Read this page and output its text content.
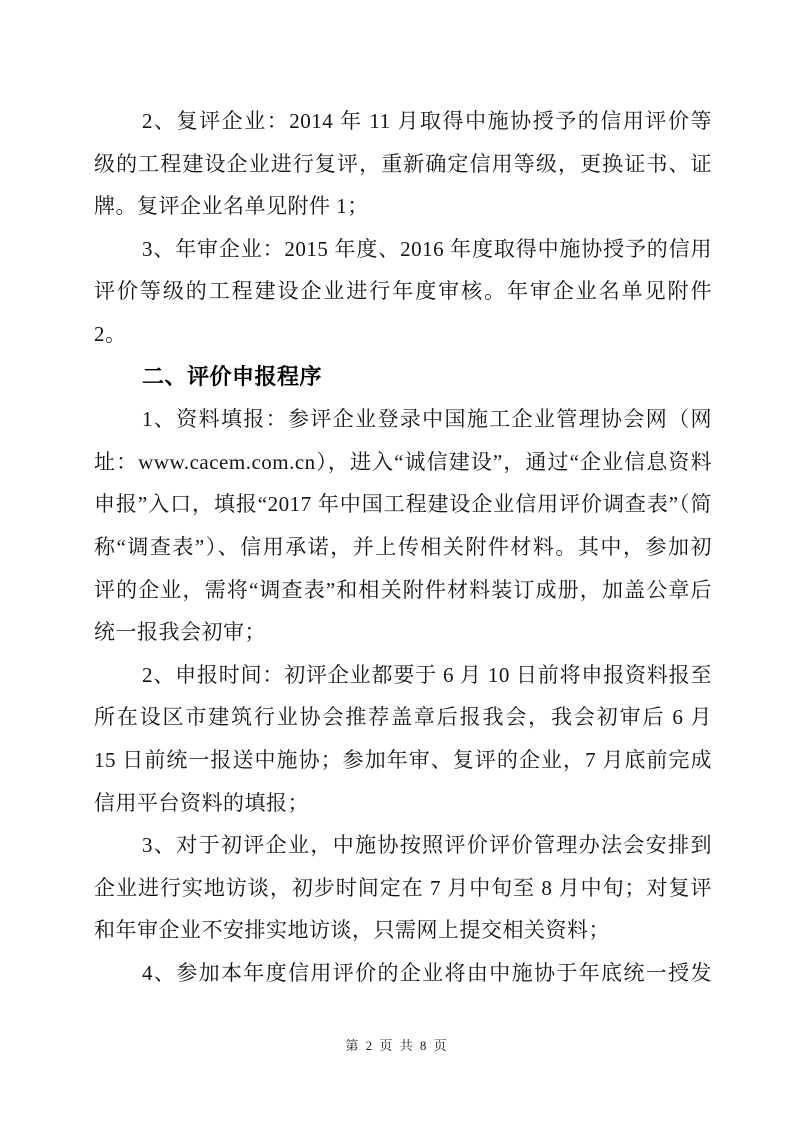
2、复评企业：2014 年 11 月取得中施协授予的信用评价等
级的工程建设企业进行复评，重新确定信用等级，更换证书、证
牌。复评企业名单见附件 1；
3、年审企业：2015 年度、2016 年度取得中施协授予的信用
评价等级的工程建设企业进行年度审核。年审企业名单见附件
2。
二、评价申报程序
1、资料填报：参评企业登录中国施工企业管理协会网（网
址：www.cacem.com.cn），进入“诚信建设”，通过“企业信息资料
申报”入口，填报“2017 年中国工程建设企业信用评价调查表”（简
称“调查表”）、信用承诺，并上传相关附件材料。其中，参加初
评的企业，需将“调查表”和相关附件材料装订成册，加盖公章后
统一报我会初审；
2、申报时间：初评企业都要于 6 月 10 日前将申报资料报至
所在设区市建筑行业协会推荐盖章后报我会，我会初审后 6 月
15 日前统一报送中施协；参加年审、复评的企业，7 月底前完成
信用平台资料的填报；
3、对于初评企业，中施协按照评价评价管理办法会安排到
企业进行实地访谈，初步时间定在 7 月中旬至 8 月中旬；对复评
和年审企业不安排实地访谈，只需网上提交相关资料；
4、参加本年度信用评价的企业将由中施协于年底统一授发
第 2 页 共 8 页
